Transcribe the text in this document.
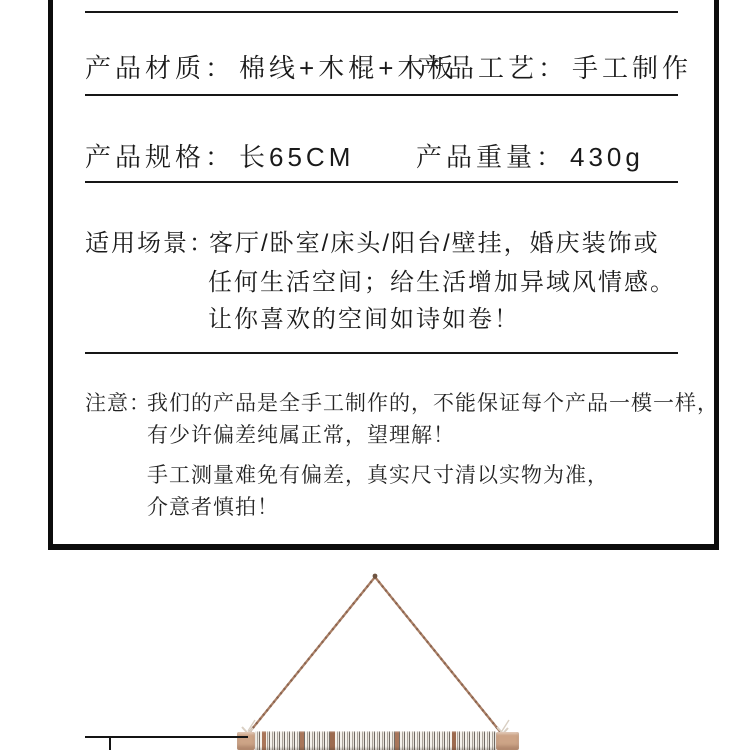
产品材质： 棉线+木棍+木板
产品工艺： 手工制作
产品规格： 长65CM 产品重量： 430g
适用场景：
客厅/卧室/床头/阳台/壁挂，婚庆装饰或
任何生活空间；给生活增加异域风情感。
让你喜欢的空间如诗如卷！
注意：
我们的产品是全手工制作的，不能保证每个产品一模一样，
有少许偏差纯属正常，望理解！
手工测量难免有偏差，真实尺寸清以实物为准，
介意者慎拍！
